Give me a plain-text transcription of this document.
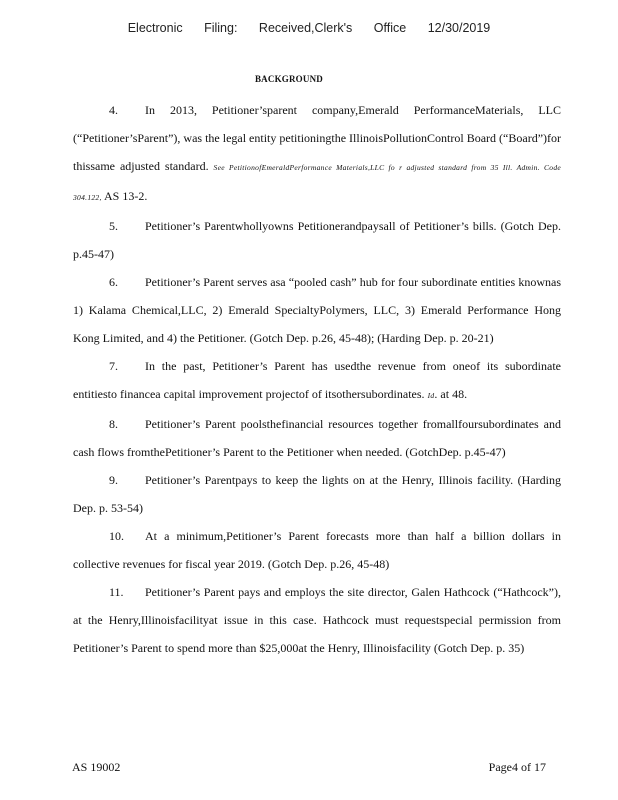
Electronic Filing: Received,Clerk's Office 12/30/2019
BACKGROUND

4. In 2013, Petitioner’sparent company,Emerald PerformanceMaterials, LLC (“Petitioner’sParent”), was the legal entity petitioningthe IllinoisPollutionControl Board (“Board”)for thissame adjusted standard. See PetitionofEmeraldPerformance Materials,LLC fo r adjusted standard from 35 Ill. Admin. Code 304.122, AS 13-2.

5. Petitioner’s Parentwhollyowns Petitionerandpaysall of Petitioner’s bills. (Gotch Dep. p.45-47)

6. Petitioner’s Parent serves asa “pooled cash” hub for four subordinate entities knownas 1) Kalama Chemical,LLC, 2) Emerald SpecialtyPolymers, LLC, 3) Emerald Performance Hong Kong Limited, and 4) the Petitioner. (Gotch Dep. p.26, 45-48); (Harding Dep. p. 20-21)

7. In the past, Petitioner’s Parent has usedthe revenue from oneof its subordinate entitiesto financea capital improvement projectof of itsothersubordinates. Id. at 48.

8. Petitioner’s Parent poolsthefinancial resources together fromallfoursubordinates and cash flows fromthePetitioner’s Parent to the Petitioner when needed. (GotchDep. p.45-47)

9. Petitioner’s Parentpays to keep the lights on at the Henry, Illinois facility. (Harding Dep. p. 53-54)

10. At a minimum,Petitioner’s Parent forecasts more than half a billion dollars in collective revenues for fiscal year 2019. (Gotch Dep. p.26, 45-48)

11. Petitioner’s Parent pays and employs the site director, Galen Hathcock (“Hathcock”), at the Henry,Illinoisfacilityat issue in this case. Hathcock must requestspecial permission from Petitioner’s Parent to spend more than $25,000at the Henry, Illinoisfacility (Gotch Dep. p. 35)

AS 19002	Page4 of 17
